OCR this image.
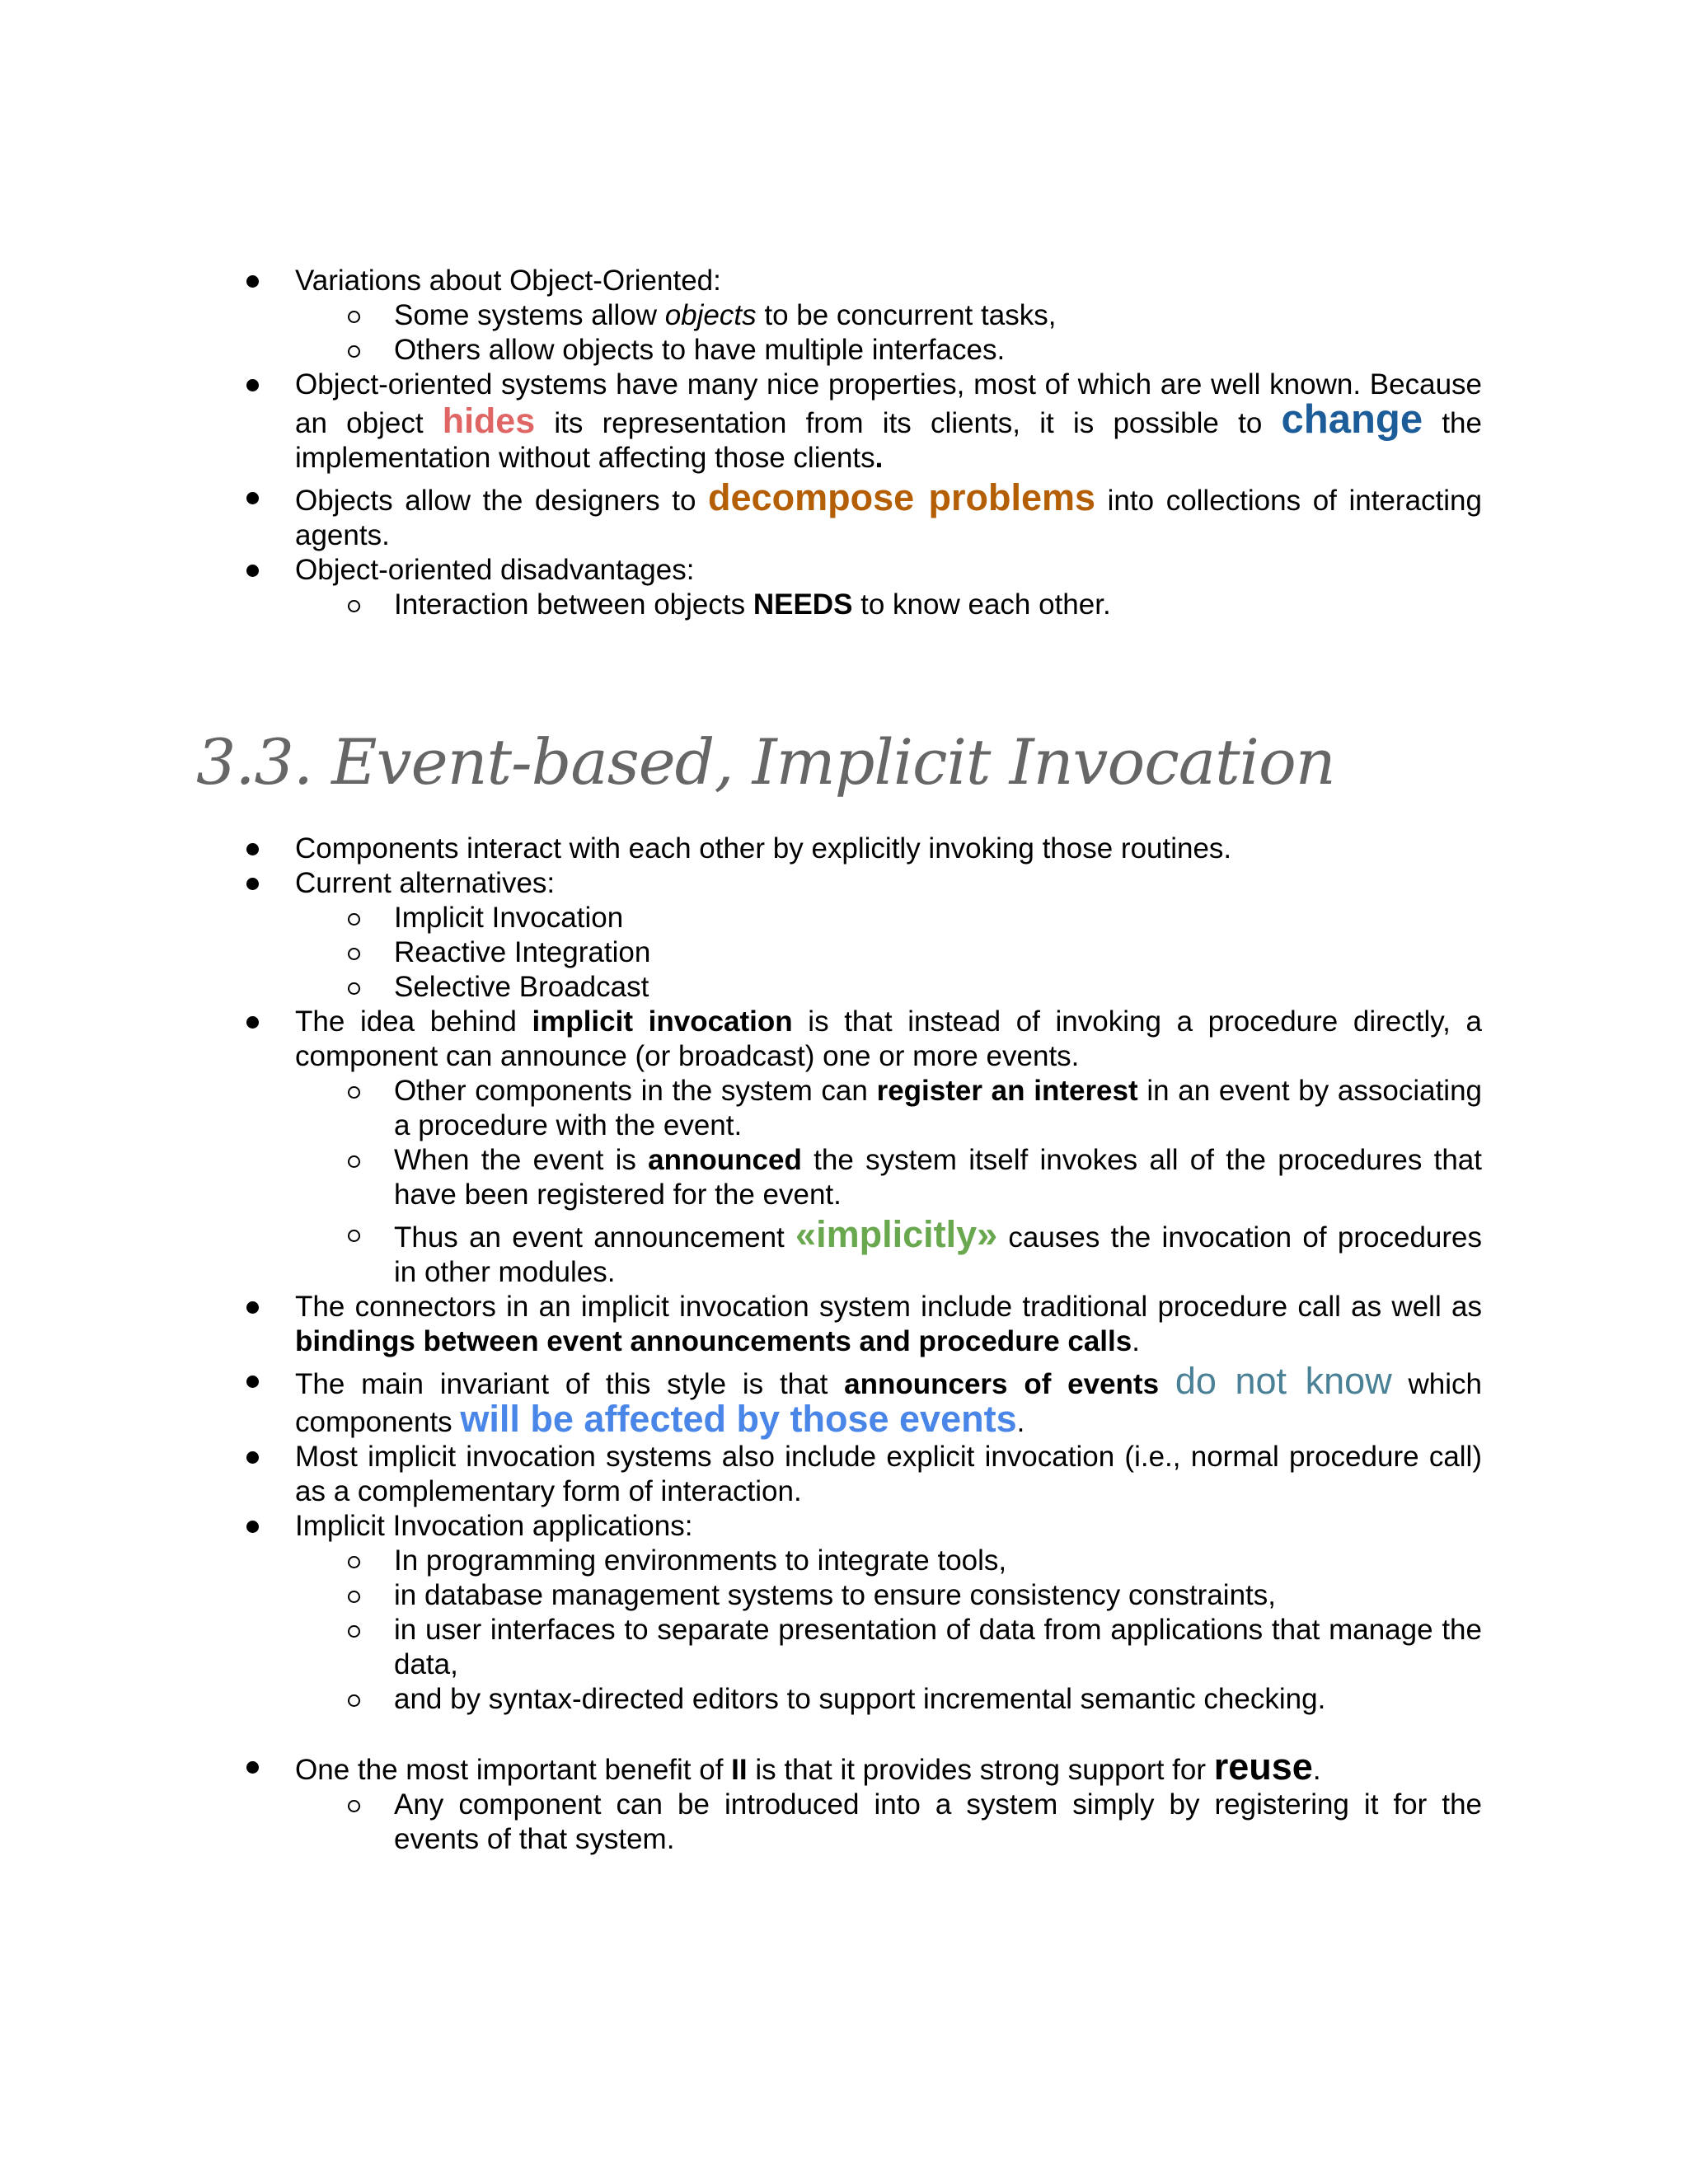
Variations about Object-Oriented:
Some systems allow objects to be concurrent tasks,
Others allow objects to have multiple interfaces.
Object-oriented systems have many nice properties, most of which are well known. Because an object hides its representation from its clients, it is possible to change the implementation without affecting those clients.
Objects allow the designers to decompose problems into collections of interacting agents.
Object-oriented disadvantages:
Interaction between objects NEEDS to know each other.
3.3. Event-based, Implicit Invocation
Components interact with each other by explicitly invoking those routines.
Current alternatives:
Implicit Invocation
Reactive Integration
Selective Broadcast
The idea behind implicit invocation is that instead of invoking a procedure directly, a component can announce (or broadcast) one or more events.
Other components in the system can register an interest in an event by associating a procedure with the event.
When the event is announced the system itself invokes all of the procedures that have been registered for the event.
Thus an event announcement «implicitly» causes the invocation of procedures in other modules.
The connectors in an implicit invocation system include traditional procedure call as well as bindings between event announcements and procedure calls.
The main invariant of this style is that announcers of events do not know which components will be affected by those events.
Most implicit invocation systems also include explicit invocation (i.e., normal procedure call) as a complementary form of interaction.
Implicit Invocation applications:
In programming environments to integrate tools,
in database management systems to ensure consistency constraints,
in user interfaces to separate presentation of data from applications that manage the data,
and by syntax-directed editors to support incremental semantic checking.
One the most important benefit of II is that it provides strong support for reuse.
Any component can be introduced into a system simply by registering it for the events of that system.
